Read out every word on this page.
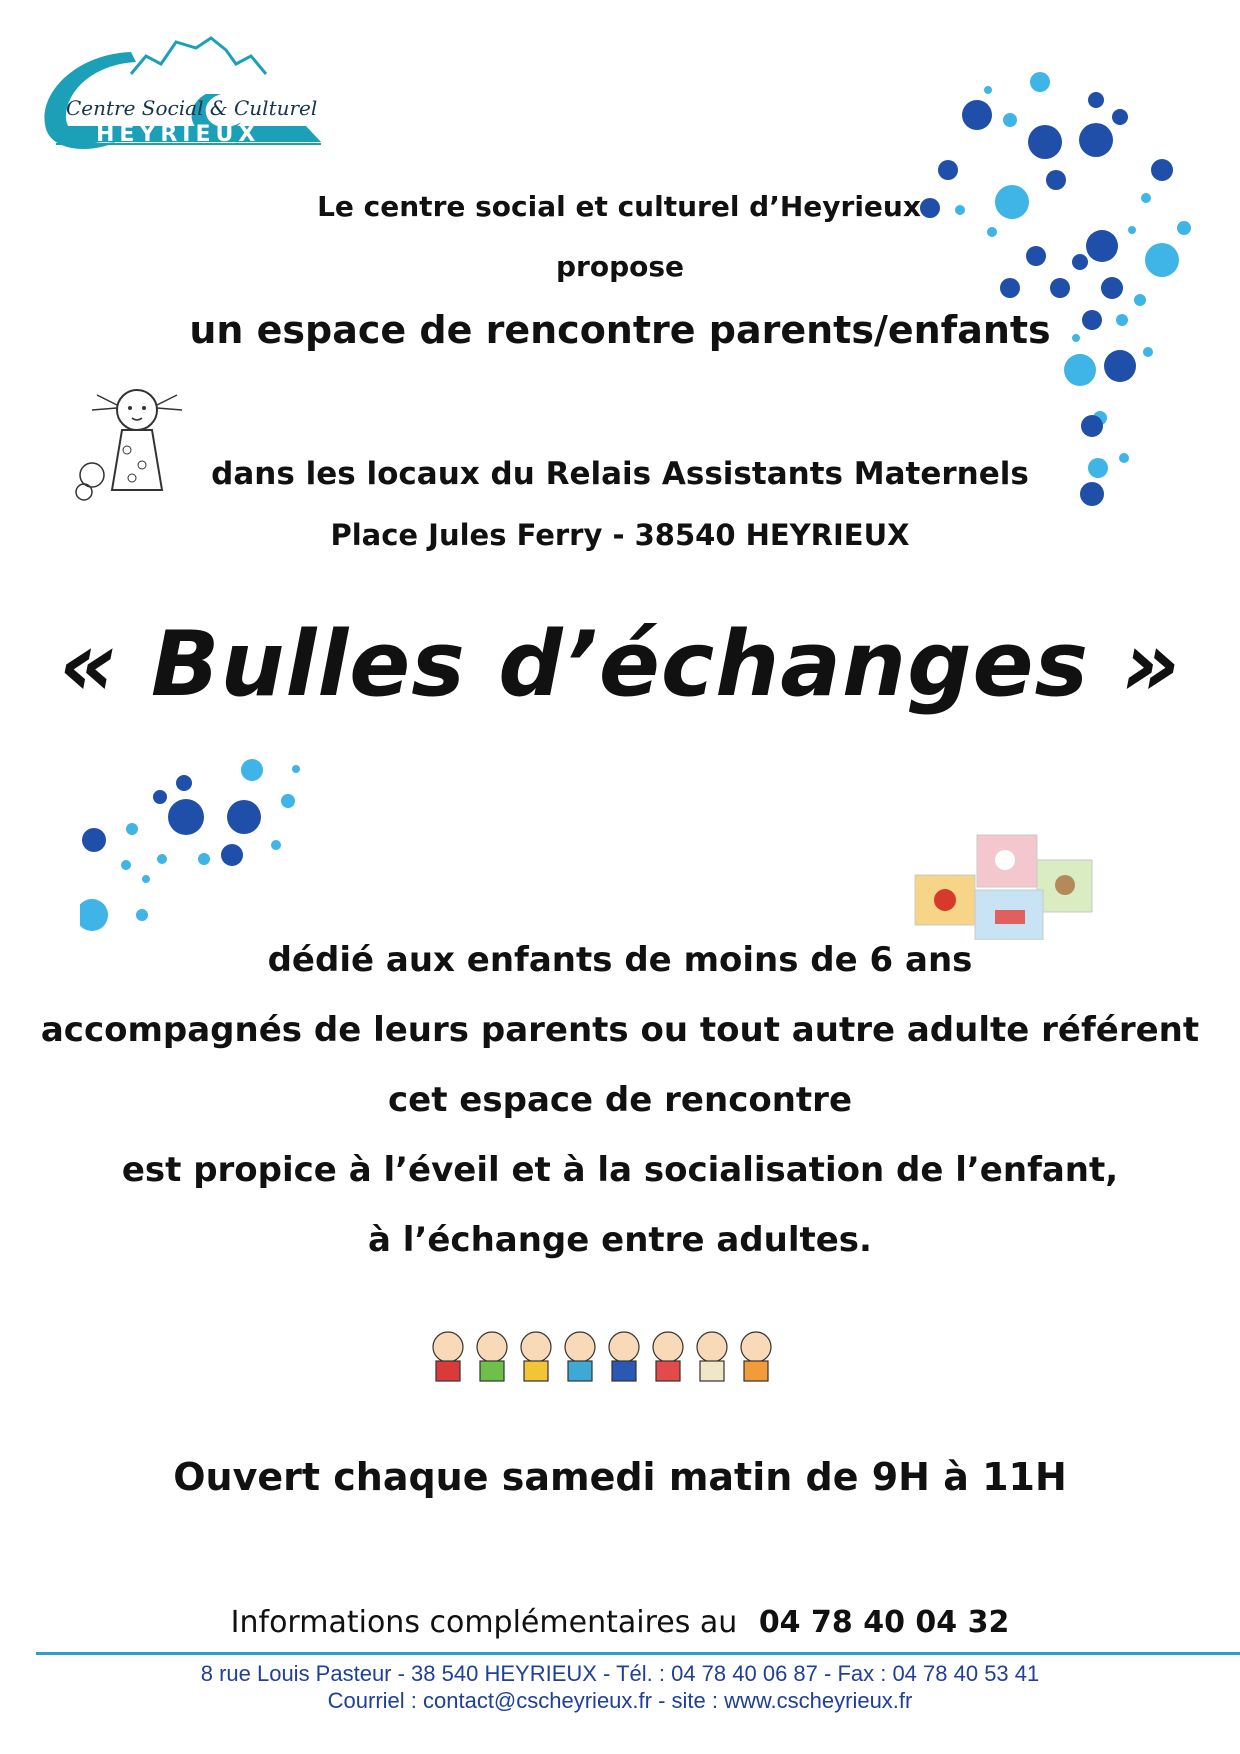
Centre Social & Culturel
HEYRIEUX
Le centre social et culturel d’Heyrieux
propose
un espace de rencontre parents/enfants
dans les locaux du Relais Assistants Maternels
Place Jules Ferry - 38540 HEYRIEUX
« Bulles d’échanges »
dédié aux enfants de moins de 6 ans
accompagnés de leurs parents ou tout autre adulte référent
cet espace de rencontre
est propice à l’éveil et à la socialisation de l’enfant,
à l’échange entre adultes.
Ouvert chaque samedi matin de 9H à 11H
Informations complémentaires au 04 78 40 04 32
8 rue Louis Pasteur - 38 540 HEYRIEUX - Tél. : 04 78 40 06 87 - Fax : 04 78 40 53 41
Courriel : contact@cscheyrieux.fr - site : www.cscheyrieux.fr
